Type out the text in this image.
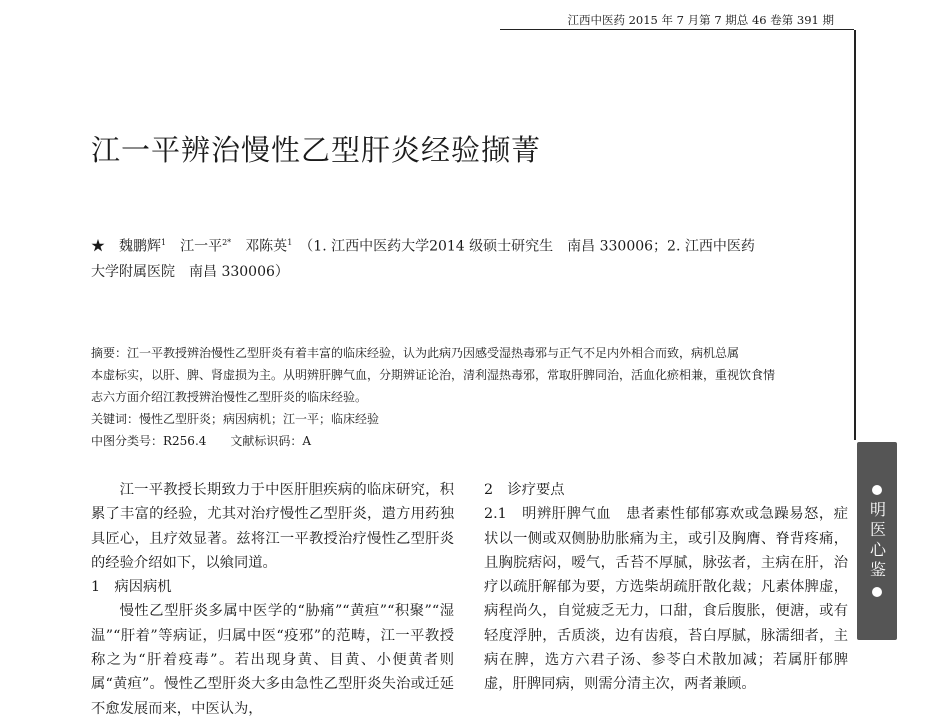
江西中医药 2015 年 7 月第 7 期总 46 卷第 391 期
江一平辨治慢性乙型肝炎经验撷菁
★　 魏鹏辉$^1$　 江一平$^{2*}$　 邓陈英$^1$　 （1. 江西中医药大学2014 级硕士研究生　南昌 330006；2. 江西中医药
大学附属医院　南昌 330006）
摘要：江一平教授辨治慢性乙型肝炎有着丰富的临床经验，认为此病乃因感受湿热毒邪与正气不足内外相合而致，病机总属
本虚标实，以肝、脾、肾虚损为主。从明辨肝脾气血，分期辨证论治，清利湿热毒邪，常取肝脾同治，活血化瘀相兼，重视饮食情
志六方面介绍江教授辨治慢性乙型肝炎的临床经验。
关键词：慢性乙型肝炎；病因病机；江一平；临床经验
中图分类号：R256.4　　文献标识码：A

江一平教授长期致力于中医肝胆疾病的临床研究，积累了丰富的经验，尤其对治疗慢性乙型肝炎，遣方用药独具匠心，且疗效显著。兹将江一平教授治疗慢性乙型肝炎的经验介绍如下，以飨同道。

1　病因病机

慢性乙型肝炎多属中医学的“胁痛”“黄疸”“积聚”“湿温”“肝着”等病证，归属中医“疫邪”的范畴，江一平教授称之为“肝着疫毒”。若出现身黄、目黄、小便黄者则属“黄疸”。慢性乙型肝炎大多由急性乙型肝炎失治或迁延不愈发展而来，中医认为，

2　诊疗要点

2.1　明辨肝脾气血　 患者素性郁郁寡欢或急躁易怒，症状以一侧或双侧胁肋胀痛为主，或引及胸膺、脊背疼痛，且胸脘痞闷，嗳气，舌苔不厚腻，脉弦者，主病在肝，治疗以疏肝解郁为要，方选柴胡疏肝散化裁；凡素体脾虚，病程尚久，自觉疲乏无力，口甜，食后腹胀，便溏，或有轻度浮肿，舌质淡，边有齿痕，苔白厚腻，脉濡细者，主病在脾，选方六君子汤、参苓白术散加减；若属肝郁脾虚，肝脾同病，则需分清主次，两者兼顾。

明医心鉴
